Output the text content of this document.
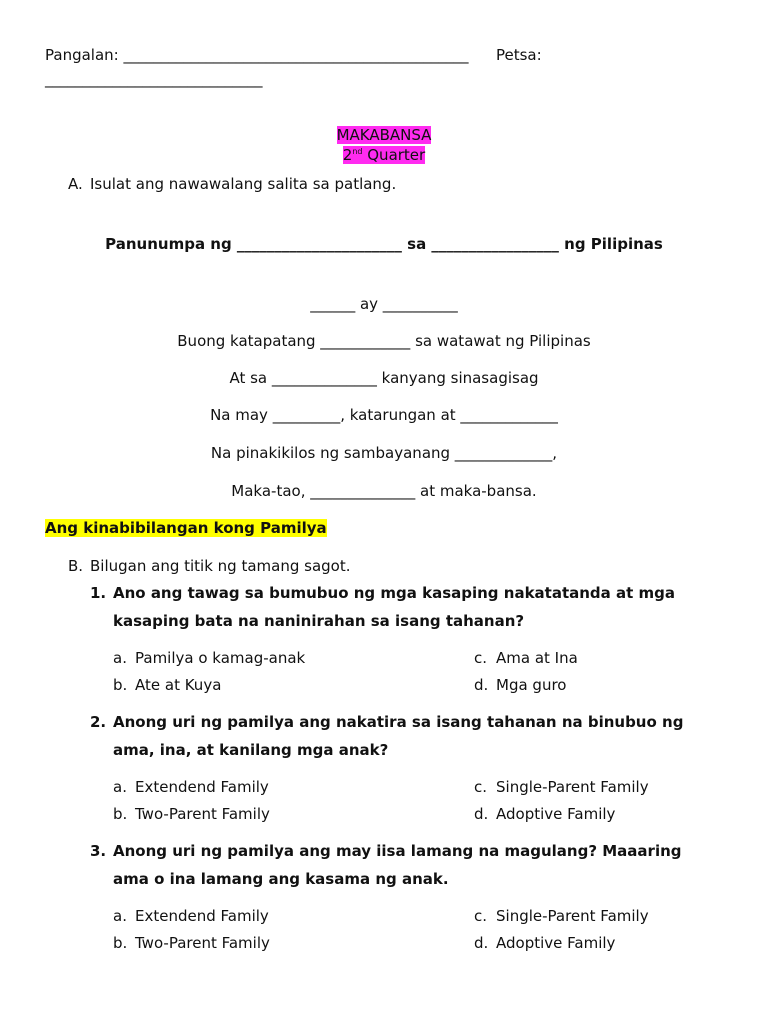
Pangalan: ______________________________________________ Petsa:
_____________________________
MAKABANSA
2nd Quarter
A. Isulat ang nawawalang salita sa patlang.
Panunumpa ng ______________________ sa _________________ ng Pilipinas
______ ay __________
Buong katapatang ____________ sa watawat ng Pilipinas
At sa ______________ kanyang sinasagisag
Na may _________, katarungan at _____________
Na pinakikilos ng sambayanang _____________,
Maka-tao, ______________ at maka-bansa.
Ang kinabibilangan kong Pamilya
B. Bilugan ang titik ng tamang sagot.
1. Ano ang tawag sa bumubuo ng mga kasaping nakatatanda at mga kasaping bata na naninirahan sa isang tahanan?
a. Pamilya o kamag-anak
b. Ate at Kuya
c. Ama at Ina
d. Mga guro
2. Anong uri ng pamilya ang nakatira sa isang tahanan na binubuo ng ama, ina, at kanilang mga anak?
a. Extendend Family
b. Two-Parent Family
c. Single-Parent Family
d. Adoptive Family
3. Anong uri ng pamilya ang may iisa lamang na magulang? Maaaring ama o ina lamang ang kasama ng anak.
a. Extendend Family
b. Two-Parent Family
c. Single-Parent Family
d. Adoptive Family
